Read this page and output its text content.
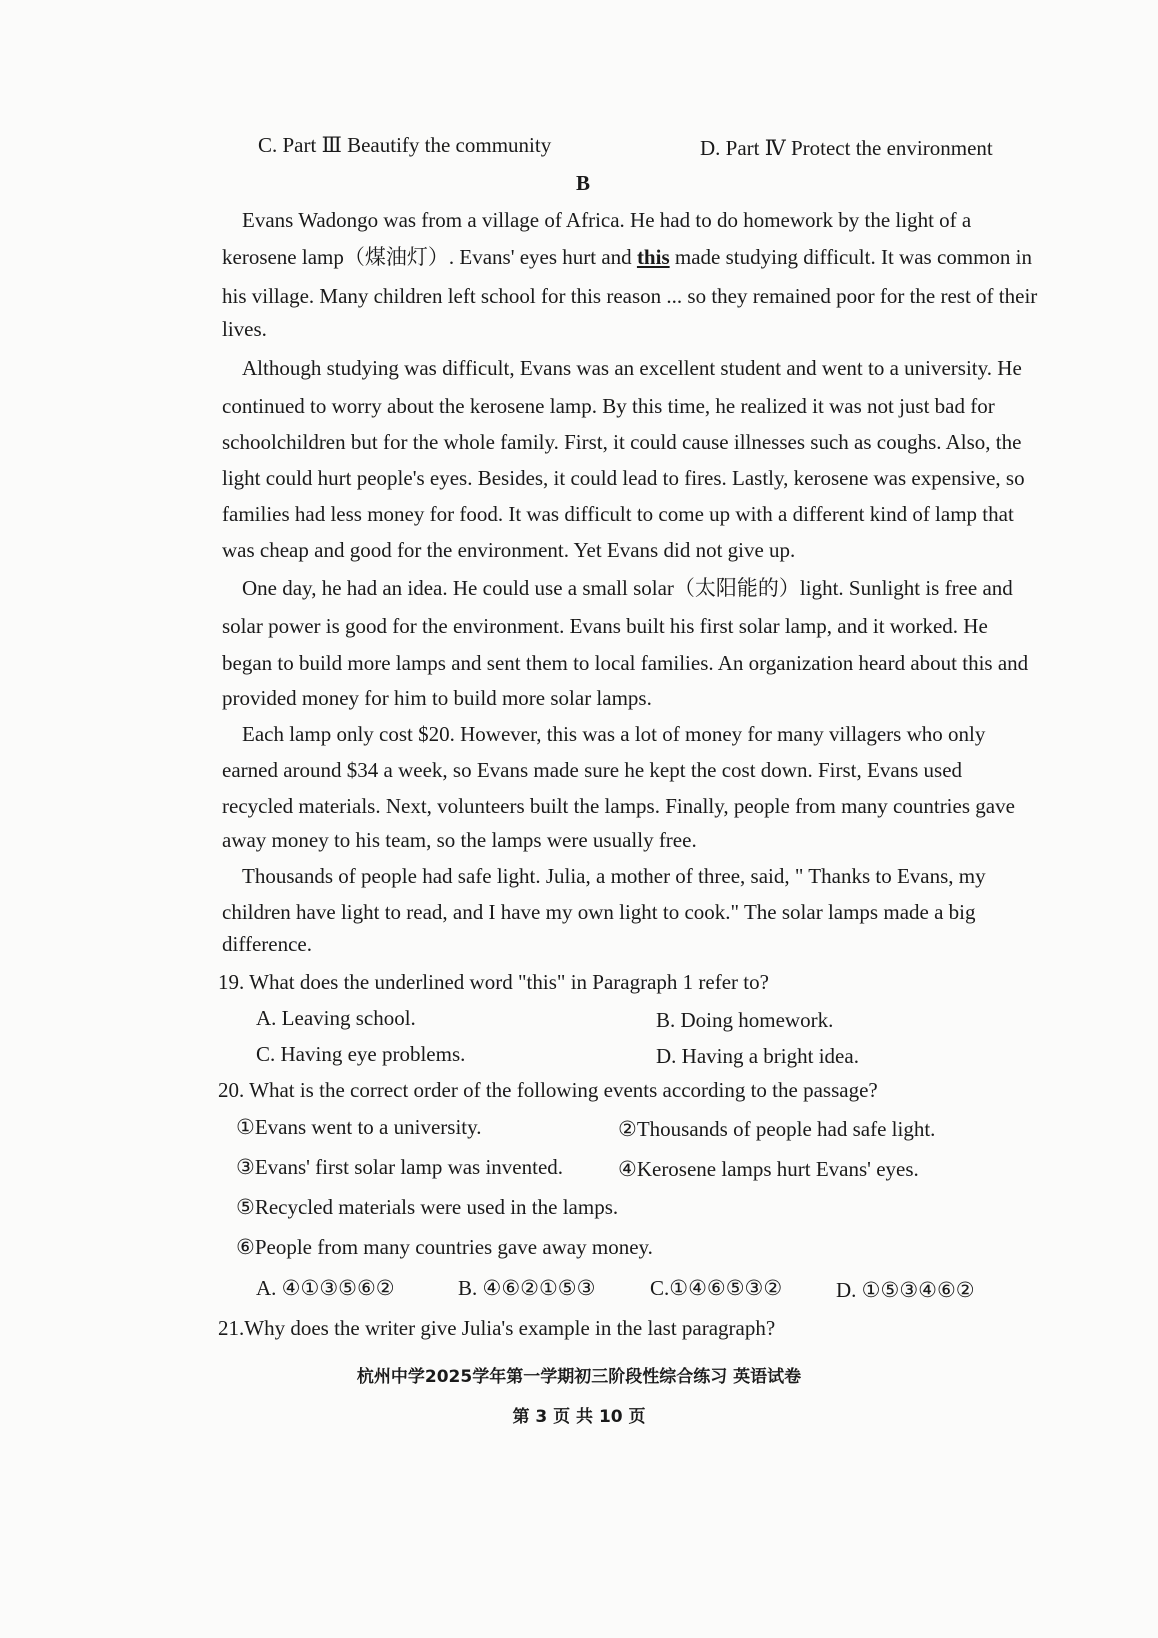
C. Part Ⅲ Beautify the community	D. Part Ⅳ Protect the environment
B
Evans Wadongo was from a village of Africa. He had to do homework by the light of a
kerosene lamp（煤油灯）. Evans' eyes hurt and this made studying difficult. It was common in
his village. Many children left school for this reason ... so they remained poor for the rest of their
lives.
Although studying was difficult, Evans was an excellent student and went to a university. He
continued to worry about the kerosene lamp. By this time, he realized it was not just bad for
schoolchildren but for the whole family. First, it could cause illnesses such as coughs. Also, the
light could hurt people's eyes. Besides, it could lead to fires. Lastly, kerosene was expensive, so
families had less money for food. It was difficult to come up with a different kind of lamp that
was cheap and good for the environment. Yet Evans did not give up.
One day, he had an idea. He could use a small solar（太阳能的）light. Sunlight is free and
solar power is good for the environment. Evans built his first solar lamp, and it worked. He
began to build more lamps and sent them to local families. An organization heard about this and
provided money for him to build more solar lamps.
Each lamp only cost $20. However, this was a lot of money for many villagers who only
earned around $34 a week, so Evans made sure he kept the cost down. First, Evans used
recycled materials. Next, volunteers built the lamps. Finally, people from many countries gave
away money to his team, so the lamps were usually free.
Thousands of people had safe light. Julia, a mother of three, said, " Thanks to Evans, my
children have light to read, and I have my own light to cook." The solar lamps made a big
difference.
19. What does the underlined word "this" in Paragraph 1 refer to?
A. Leaving school.	B. Doing homework.
C. Having eye problems.	D. Having a bright idea.
20. What is the correct order of the following events according to the passage?
①Evans went to a university.	②Thousands of people had safe light.
③Evans' first solar lamp was invented.	④Kerosene lamps hurt Evans' eyes.
⑤Recycled materials were used in the lamps.
⑥People from many countries gave away money.
A. ④①③⑤⑥②	B. ④⑥②①⑤③	C.①④⑥⑤③②	D. ①⑤③④⑥②
21.Why does the writer give Julia's example in the last paragraph?
杭州中学2025学年第一学期初三阶段性综合练习 英语试卷
第 3 页 共 10 页
